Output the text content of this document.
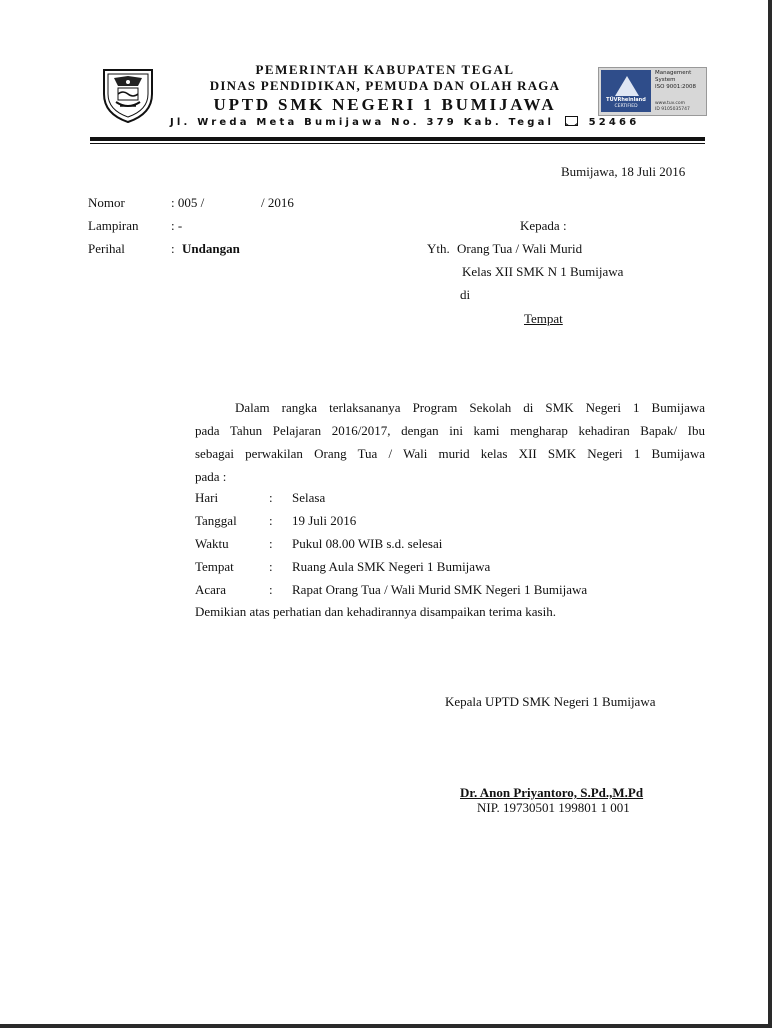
PEMERINTAH KABUPATEN TEGAL
DINAS PENDIDIKAN, PEMUDA DAN OLAH RAGA
UPTD SMK NEGERI 1 BUMIJAWA
Jl. Wreda Meta Bumijawa No. 379 Kab. Tegal	52466
TÜVRheinland
CERTIFIED
Management
System
ISO 9001:2008
www.tuv.com
ID 9105035747
Bumijawa, 18 Juli 2016
Nomor	: 005 /	/ 2016
Lampiran : -
Perihal	: Undangan
Kepada :
Yth. Orang Tua / Wali Murid
Kelas XII SMK N 1 Bumijawa
di
Tempat
Dalam rangka terlaksananya Program Sekolah di SMK Negeri 1 Bumijawa
pada Tahun Pelajaran 2016/2017, dengan ini kami mengharap kehadiran Bapak/ Ibu
sebagai perwakilan Orang Tua / Wali murid kelas XII SMK Negeri 1 Bumijawa
pada :
Hari	: Selasa
Tanggal : 19 Juli 2016
Waktu	: Pukul 08.00 WIB s.d. selesai
Tempat	: Ruang Aula SMK Negeri 1 Bumijawa
Acara	: Rapat Orang Tua / Wali Murid SMK Negeri 1 Bumijawa
Demikian atas perhatian dan kehadirannya disampaikan terima kasih.
Kepala UPTD SMK Negeri 1 Bumijawa
Dr. Anon Priyantoro, S.Pd.,M.Pd
NIP. 19730501 199801 1 001
